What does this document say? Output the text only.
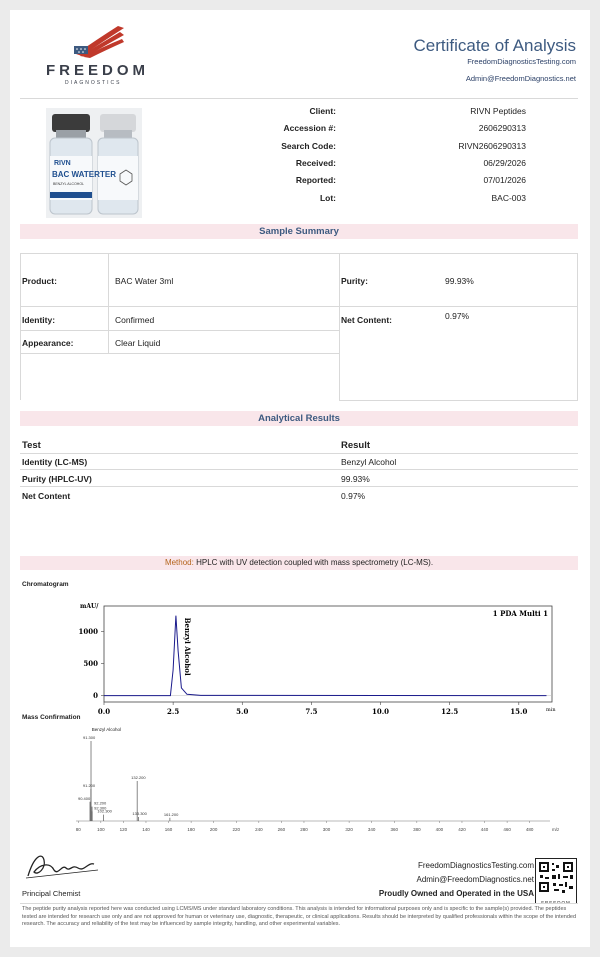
FREEDOM
DIAGNOSTICS
Certificate of Analysis
FreedomDiagnosticsTesting.com
Admin@FreedomDiagnostics.net
RIVN
BAC WATER
BENZYL ALCOHOL
TER
Client:	RIVN Peptides
Accession #:	2606290313
Search Code:	RIVN2606290313
Received:	06/29/2026
Reported:	07/01/2026
Lot:	BAC-003
Sample Summary
Product:	BAC Water 3ml	Purity:	99.93%
Identity:	Confirmed	Net Content:	0.97%
Appearance:	Clear Liquid
Analytical Results
Test	Result
Identity (LC-MS)	Benzyl Alcohol
Purity (HPLC-UV)	99.93%
Net Content	0.97%
Method: HPLC with UV detection coupled with mass spectrometry (LC-MS).
Chromatogram
mAU/
min
1 PDA Multi 1
0
500
1000
0.0	2.5	5.0	7.5	10.0	12.5	15.0
Benzyl Alcohol
Mass Confirmation
80	100	120	140	160	180	200	220	240	260	280	300	320	340	360	380	400	420	440	460	480	m/z
Benzyl Alcohol
90.400
91.300
91.200
92.200
92.300
102.300
132.200
133.300	161.200
Principal Chemist
FreedomDiagnosticsTesting.com
Admin@FreedomDiagnostics.net
Proudly Owned and Operated in the USA
The peptide purity analysis reported here was conducted using LCMS/MS under standard laboratory conditions. This analysis is intended for informational purposes only and is specific to the sample(s) provided. The peptides tested are intended for research use only and are not approved for human or veterinary use, diagnostic, therapeutic, or clinical applications. Results should be interpreted by qualified professionals within the scope of the intended research. The accuracy and reliability of the test may be influenced by sample integrity, handling, and other experimental variables.
